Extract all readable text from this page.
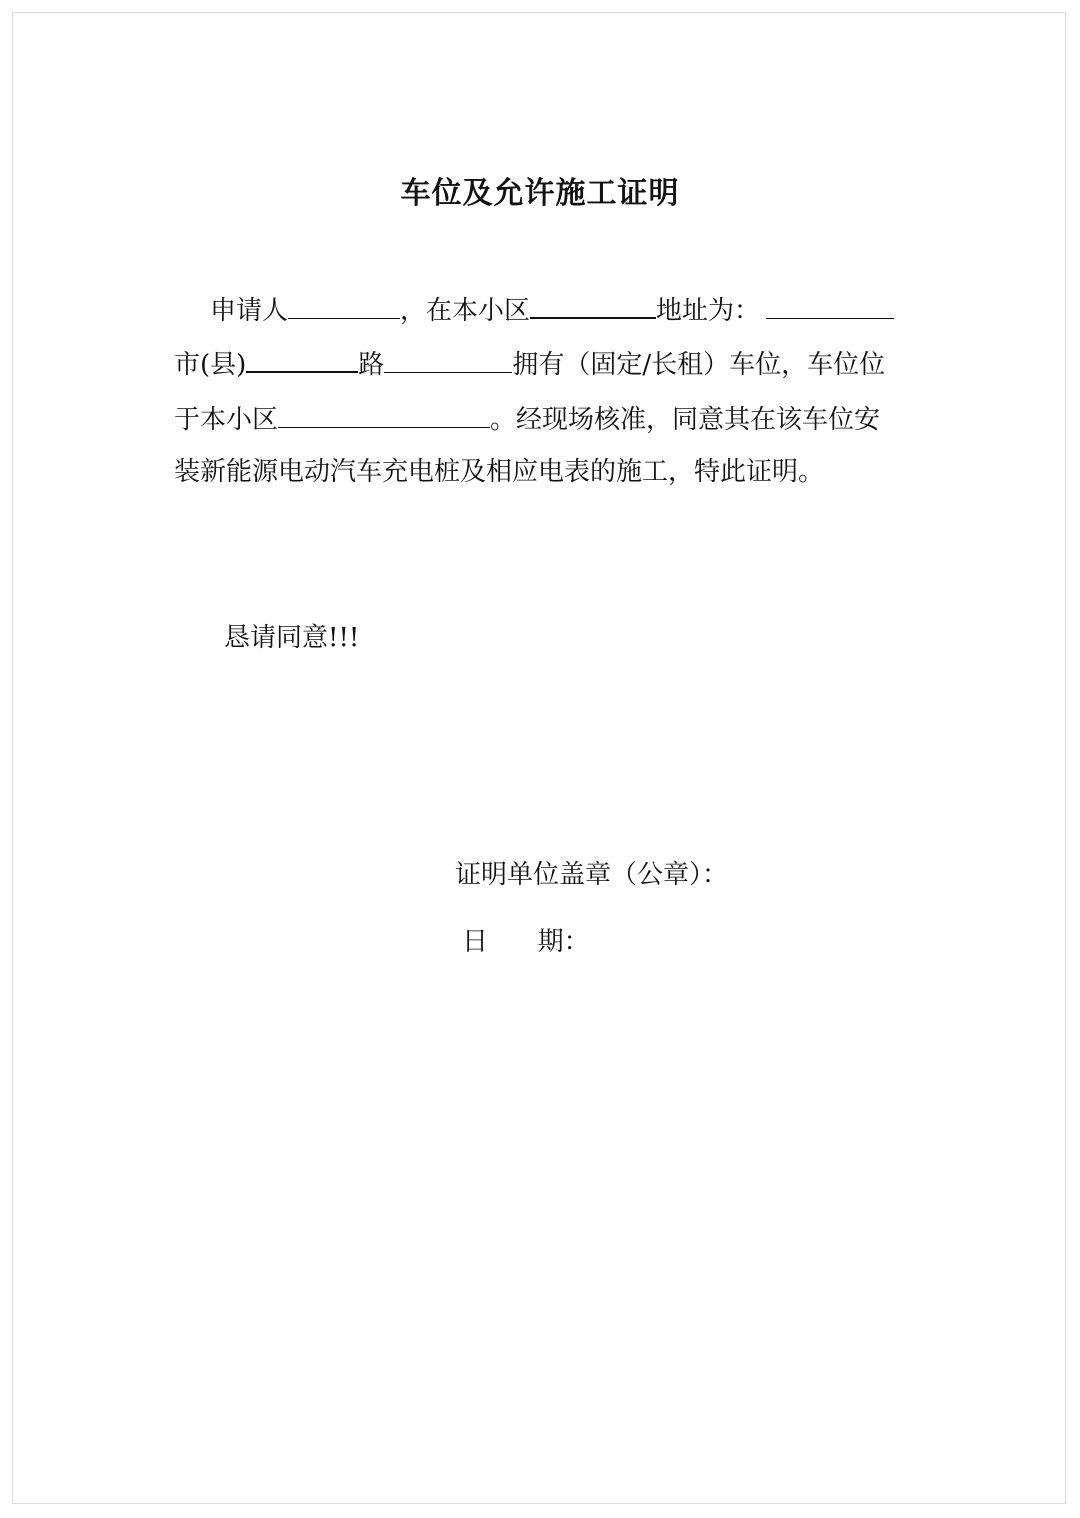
车位及允许施工证明
申请人	，在本小区	地址为：
市(县)	路	拥有（固定/长租）车位，车位位
于本小区	。经现场核准，同意其在该车位安
装新能源电动汽车充电桩及相应电表的施工，特此证明。
恳请同意!!!
证明单位盖章（公章）：
日      期：
